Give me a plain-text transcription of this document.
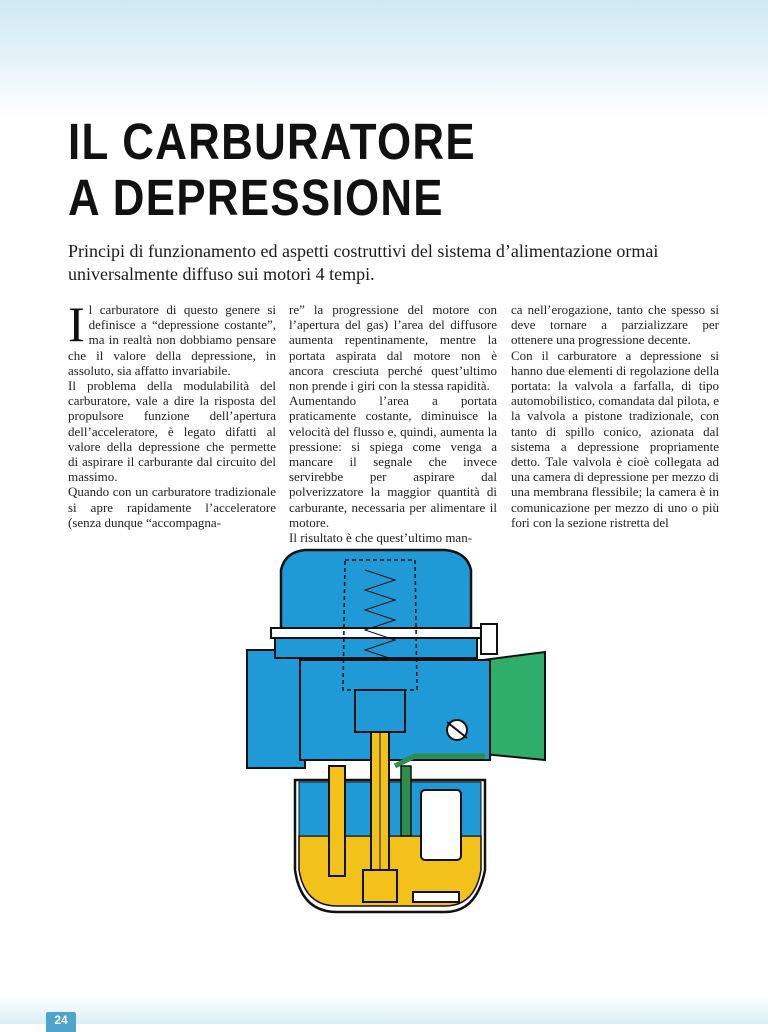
IL CARBURATORE
A DEPRESSIONE

Principi di funzionamento ed aspetti costruttivi del sistema d’alimentazione ormai universalmente diffuso sui motori 4 tempi.

I l carburatore di questo genere si definisce a “depressione costante”, ma in realtà non dobbiamo pensare che il valore della depressione, in assoluto, sia affatto invariabile.

Il problema della modulabilità del carburatore, vale a dire la risposta del propulsore funzione dell’apertura dell’acceleratore, è legato difatti al valore della depressione che permette di aspirare il carburante dal circuito del massimo.

Quando con un carburatore tradizionale si apre rapidamente l’acceleratore (senza dunque “accompagna-

re” la progressione del motore con l’apertura del gas) l’area del diffusore aumenta repentinamente, mentre la portata aspirata dal motore non è ancora cresciuta perché quest’ultimo non prende i giri con la stessa rapidità.

Aumentando l’area a portata praticamente costante, diminuisce la velocità del flusso e, quindi, aumenta la pressione: si spiega come venga a mancare il segnale che invece servirebbe per aspirare dal polverizzatore la maggior quantità di carburante, necessaria per alimentare il motore.

Il risultato è che quest’ultimo man-

ca nell’erogazione, tanto che spesso si deve tornare a parzializzare per ottenere una progressione decente.

Con il carburatore a depressione si hanno due elementi di regolazione della portata: la valvola a farfalla, di tipo automobilistico, comandata dal pilota, e la valvola a pistone tradizionale, con tanto di spillo conico, azionata dal sistema a depressione propriamente detto. Tale valvola è cioè collegata ad una camera di depressione per mezzo di una membrana flessibile; la camera è in comunicazione per mezzo di uno o più fori con la sezione ristretta del

24
